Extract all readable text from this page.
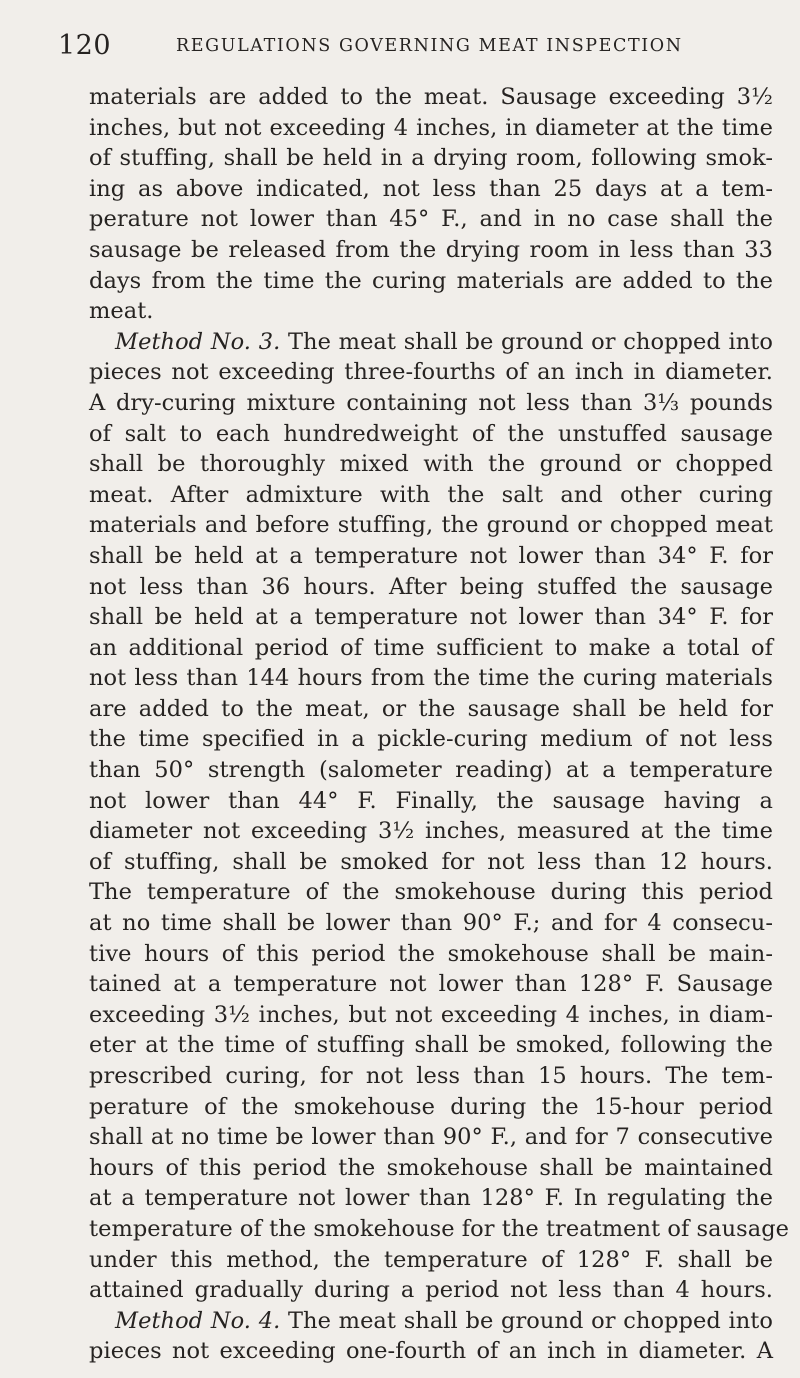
120	REGULATIONS GOVERNING MEAT INSPECTION
materials are added to the meat. Sausage exceeding 3½
inches, but not exceeding 4 inches, in diameter at the time
of stuffing, shall be held in a drying room, following smok-
ing as above indicated, not less than 25 days at a tem-
perature not lower than 45° F., and in no case shall the
sausage be released from the drying room in less than 33
days from the time the curing materials are added to the
meat.
Method No. 3. The meat shall be ground or chopped into
pieces not exceeding three-fourths of an inch in diameter.
A dry-curing mixture containing not less than 3⅓ pounds
of salt to each hundredweight of the unstuffed sausage
shall be thoroughly mixed with the ground or chopped
meat. After admixture with the salt and other curing
materials and before stuffing, the ground or chopped meat
shall be held at a temperature not lower than 34° F. for
not less than 36 hours. After being stuffed the sausage
shall be held at a temperature not lower than 34° F. for
an additional period of time sufficient to make a total of
not less than 144 hours from the time the curing materials
are added to the meat, or the sausage shall be held for
the time specified in a pickle-curing medium of not less
than 50° strength (salometer reading) at a temperature
not lower than 44° F. Finally, the sausage having a
diameter not exceeding 3½ inches, measured at the time
of stuffing, shall be smoked for not less than 12 hours.
The temperature of the smokehouse during this period
at no time shall be lower than 90° F.; and for 4 consecu-
tive hours of this period the smokehouse shall be main-
tained at a temperature not lower than 128° F. Sausage
exceeding 3½ inches, but not exceeding 4 inches, in diam-
eter at the time of stuffing shall be smoked, following the
prescribed curing, for not less than 15 hours. The tem-
perature of the smokehouse during the 15-hour period
shall at no time be lower than 90° F., and for 7 consecutive
hours of this period the smokehouse shall be maintained
at a temperature not lower than 128° F. In regulating the
temperature of the smokehouse for the treatment of sausage
under this method, the temperature of 128° F. shall be
attained gradually during a period not less than 4 hours.
Method No. 4. The meat shall be ground or chopped into
pieces not exceeding one-fourth of an inch in diameter. A
